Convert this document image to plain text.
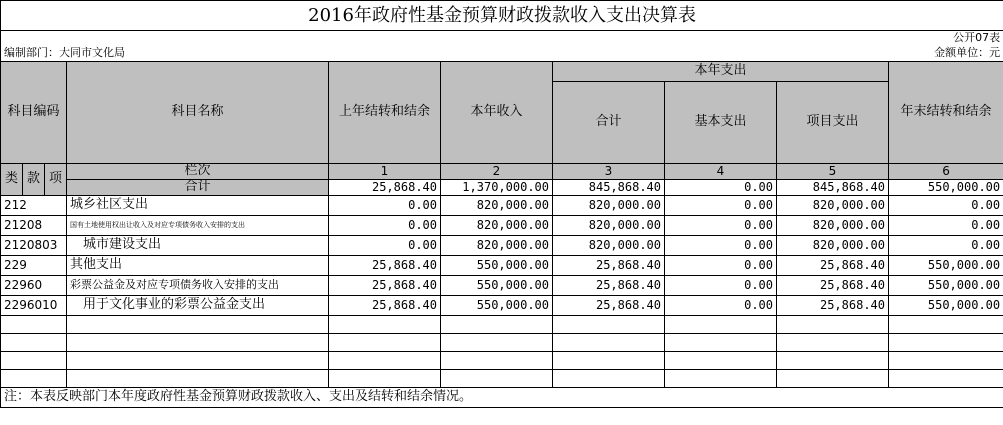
2016年政府性基金预算财政拨款收入支出决算表									
公开07表									
编制部门：大同市文化局					金额单位：元				
科目编码			科目名称	上年结转和结余	本年收入	本年支出			年末结转和结余
						合计	基本支出	项目支出	

类	款	项	栏次	1	2	3	4	5	6
			合计	25,868.40	1,370,000.00	845,868.40	0.00	845,868.40	550,000.00
212			城乡社区支出	0.00	820,000.00	820,000.00	0.00	820,000.00	0.00
21208			国有土地使用权出让收入及对应专项债务收入安排的支出	0.00	820,000.00	820,000.00	0.00	820,000.00	0.00
2120803			城市建设支出	0.00	820,000.00	820,000.00	0.00	820,000.00	0.00
229			其他支出	25,868.40	550,000.00	25,868.40	0.00	25,868.40	550,000.00
22960			彩票公益金及对应专项债务收入安排的支出	25,868.40	550,000.00	25,868.40	0.00	25,868.40	550,000.00
2296010			用于文化事业的彩票公益金支出	25,868.40	550,000.00	25,868.40	0.00	25,868.40	550,000.00

注：本表反映部门本年度政府性基金预算财政拨款收入、支出及结转和结余情况。									
